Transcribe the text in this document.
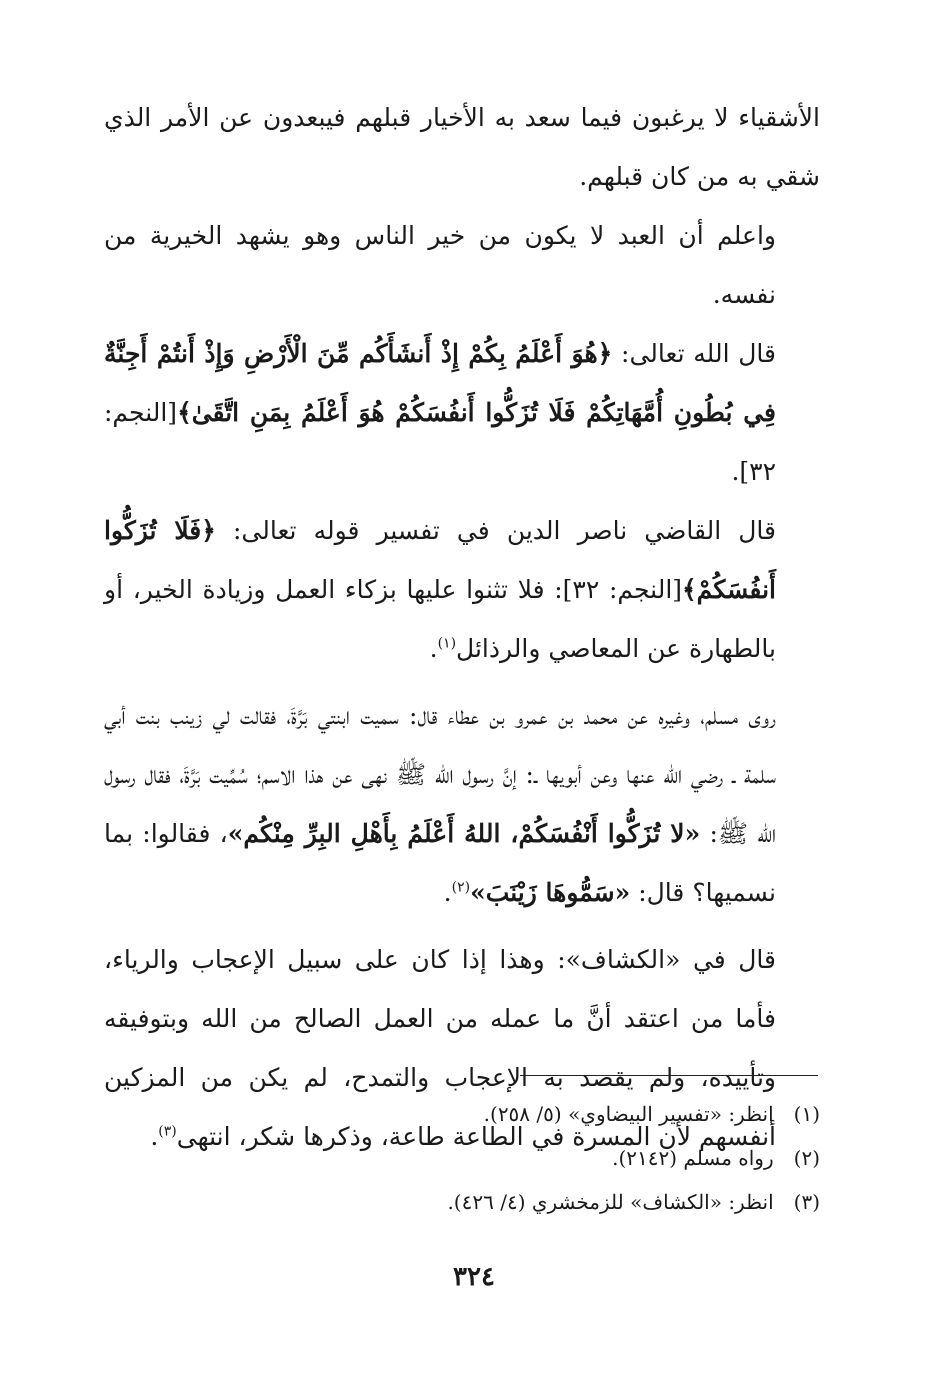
الأشقياء لا يرغبون فيما سعد به الأخيار قبلهم فيبعدون عن الأمر الذي شقي به من كان قبلهم.

واعلم أن العبد لا يكون من خير الناس وهو يشهد الخيرية من نفسه.

قال الله تعالى: ﴿هُوَ أَعْلَمُ بِكُمْ إِذْ أَنشَأَكُم مِّنَ الْأَرْضِ وَإِذْ أَنتُمْ أَجِنَّةٌ فِي بُطُونِ أُمَّهَاتِكُمْ فَلَا تُزَكُّوا أَنفُسَكُمْ هُوَ أَعْلَمُ بِمَنِ اتَّقَىٰ﴾[النجم: ٣٢].

قال القاضي ناصر الدين في تفسير قوله تعالى: ﴿فَلَا تُزَكُّوا أَنفُسَكُمْ﴾[النجم: ٣٢]: فلا تثنوا عليها بزكاء العمل وزيادة الخير، أو بالطهارة عن المعاصي والرذائل$^{(١)}$.

روى مسلم، وغيره عن محمد بن عمرو بن عطاء قال: سميت ابنتي بَرَّةَ، فقالت لي زينب بنت أبي سلمة ـ رضي الله عنها وعن أبويها ـ: إنَّ رسول الله ﷺ نهى عن هذا الاسم؛ سُمِّيت بَرَّةَ، فقال رسول الله ﷺ: «لا تُزَكُّوا أَنْفُسَكُمْ، اللهُ أَعْلَمُ بِأَهْلِ البِرِّ مِنْكُم»، فقالوا: بما نسميها؟ قال: «سَمُّوهَا زَيْنَبَ»$^{(٢)}$.

قال في «الكشاف»: وهذا إذا كان على سبيل الإعجاب والرياء، فأما من اعتقد أنَّ ما عمله من العمل الصالح من الله وبتوفيقه وتأييده، ولم يقصد به الإعجاب والتمدح، لم يكن من المزكين أنفسهم لأن المسرة في الطاعة طاعة، وذكرها شكر، انتهى$^{(٣)}$.

(١)انظر: «تفسير البيضاوي» (٥/ ٢٥٨).

(٢)رواه مسلم (٢١٤٢).

(٣)انظر: «الكشاف» للزمخشري (٤/ ٤٢٦).

٣٢٤
